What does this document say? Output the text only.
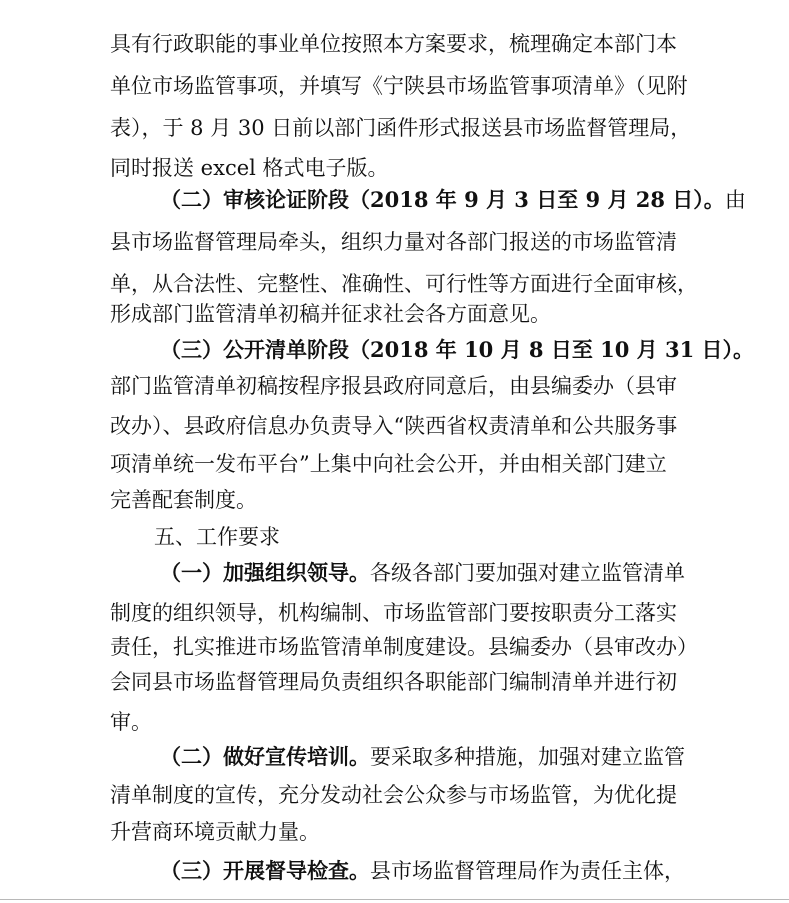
具有行政职能的事业单位按照本方案要求，梳理确定本部门本
单位市场监管事项，并填写《宁陕县市场监管事项清单》（见附
表），于 8 月 30 日前以部门函件形式报送县市场监督管理局，
同时报送 excel 格式电子版。
（二）审核论证阶段（2018 年 9 月 3 日至 9 月 28 日）。由
县市场监督管理局牵头，组织力量对各部门报送的市场监管清
单，从合法性、完整性、准确性、可行性等方面进行全面审核，
形成部门监管清单初稿并征求社会各方面意见。
（三）公开清单阶段（2018 年 10 月 8 日至 10 月 31 日）。
部门监管清单初稿按程序报县政府同意后，由县编委办（县审
改办）、县政府信息办负责导入“陕西省权责清单和公共服务事
项清单统一发布平台”上集中向社会公开，并由相关部门建立
完善配套制度。
五、工作要求
（一）加强组织领导。各级各部门要加强对建立监管清单
制度的组织领导，机构编制、市场监管部门要按职责分工落实
责任，扎实推进市场监管清单制度建设。县编委办（县审改办）
会同县市场监督管理局负责组织各职能部门编制清单并进行初
审。
（二）做好宣传培训。要采取多种措施，加强对建立监管
清单制度的宣传，充分发动社会公众参与市场监管，为优化提
升营商环境贡献力量。
（三）开展督导检查。县市场监督管理局作为责任主体，
